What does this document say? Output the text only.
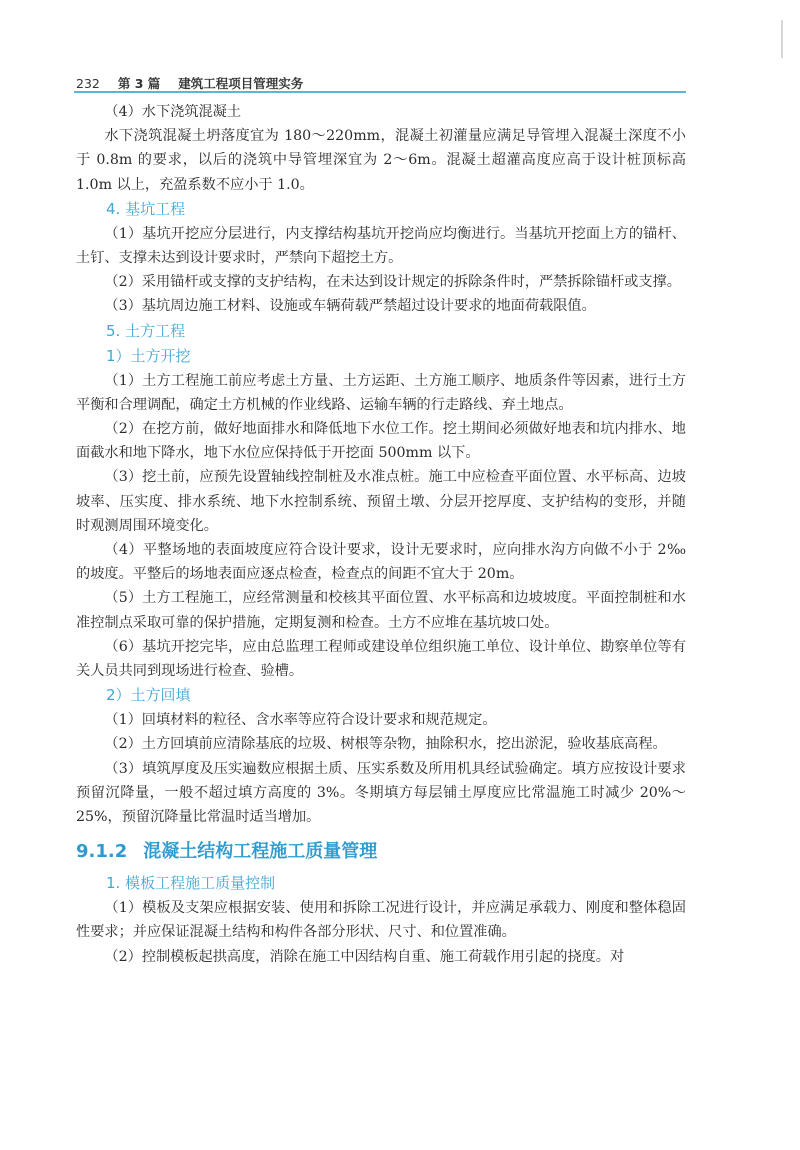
232 第 3 篇 建筑工程项目管理实务

（4）水下浇筑混凝土

水下浇筑混凝土坍落度宜为 180～220mm，混凝土初灌量应满足导管埋入混凝土深度不小于 0.8m 的要求，以后的浇筑中导管埋深宜为 2～6m。混凝土超灌高度应高于设计桩顶标高 1.0m 以上，充盈系数不应小于 1.0。

4. 基坑工程

（1）基坑开挖应分层进行，内支撑结构基坑开挖尚应均衡进行。当基坑开挖面上方的锚杆、土钉、支撑未达到设计要求时，严禁向下超挖土方。

（2）采用锚杆或支撑的支护结构，在未达到设计规定的拆除条件时，严禁拆除锚杆或支撑。

（3）基坑周边施工材料、设施或车辆荷载严禁超过设计要求的地面荷载限值。

5. 土方工程
1）土方开挖

（1）土方工程施工前应考虑土方量、土方运距、土方施工顺序、地质条件等因素，进行土方平衡和合理调配，确定土方机械的作业线路、运输车辆的行走路线、弃土地点。

（2）在挖方前，做好地面排水和降低地下水位工作。挖土期间必须做好地表和坑内排水、地面截水和地下降水，地下水位应保持低于开挖面 500mm 以下。

（3）挖土前，应预先设置轴线控制桩及水准点桩。施工中应检查平面位置、水平标高、边坡坡率、压实度、排水系统、地下水控制系统、预留土墩、分层开挖厚度、支护结构的变形，并随时观测周围环境变化。

（4）平整场地的表面坡度应符合设计要求，设计无要求时，应向排水沟方向做不小于 2‰ 的坡度。平整后的场地表面应逐点检查，检查点的间距不宜大于 20m。

（5）土方工程施工，应经常测量和校核其平面位置、水平标高和边坡坡度。平面控制桩和水准控制点采取可靠的保护措施，定期复测和检查。土方不应堆在基坑坡口处。

（6）基坑开挖完毕，应由总监理工程师或建设单位组织施工单位、设计单位、勘察单位等有关人员共同到现场进行检查、验槽。

2）土方回填

（1）回填材料的粒径、含水率等应符合设计要求和规范规定。

（2）土方回填前应清除基底的垃圾、树根等杂物，抽除积水，挖出淤泥，验收基底高程。

（3）填筑厚度及压实遍数应根据土质、压实系数及所用机具经试验确定。填方应按设计要求预留沉降量，一般不超过填方高度的 3%。冬期填方每层铺土厚度应比常温施工时减少 20%～25%，预留沉降量比常温时适当增加。

9.1.2 混凝土结构工程施工质量管理
1. 模板工程施工质量控制

（1）模板及支架应根据安装、使用和拆除工况进行设计，并应满足承载力、刚度和整体稳固性要求；并应保证混凝土结构和构件各部分形状、尺寸、和位置准确。

（2）控制模板起拱高度，消除在施工中因结构自重、施工荷载作用引起的挠度。对
